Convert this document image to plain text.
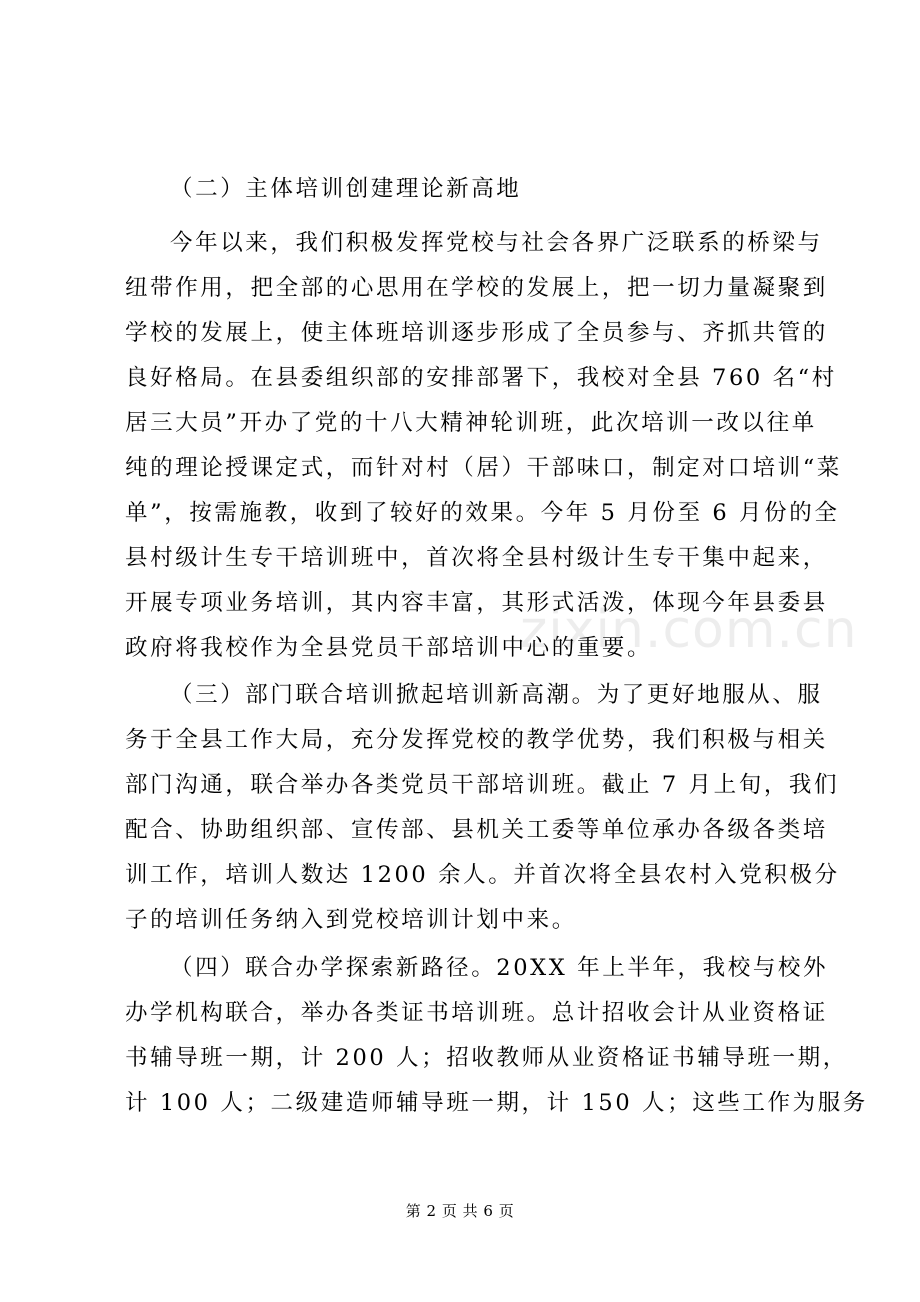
（二）主体培训创建理论新高地
今年以来，我们积极发挥党校与社会各界广泛联系的桥梁与
纽带作用，把全部的心思用在学校的发展上，把一切力量凝聚到
学校的发展上，使主体班培训逐步形成了全员参与、齐抓共管的
良好格局。在县委组织部的安排部署下，我校对全县 760 名“村
居三大员”开办了党的十八大精神轮训班，此次培训一改以往单
纯的理论授课定式，而针对村（居）干部味口，制定对口培训“菜
单”，按需施教，收到了较好的效果。今年 5 月份至 6 月份的全
县村级计生专干培训班中，首次将全县村级计生专干集中起来，
开展专项业务培训，其内容丰富，其形式活泼，体现今年县委县
政府将我校作为全县党员干部培训中心的重要。
（三）部门联合培训掀起培训新高潮。为了更好地服从、服
务于全县工作大局，充分发挥党校的教学优势，我们积极与相关
部门沟通，联合举办各类党员干部培训班。截止 7 月上旬，我们
配合、协助组织部、宣传部、县机关工委等单位承办各级各类培
训工作，培训人数达 1200 余人。并首次将全县农村入党积极分
子的培训任务纳入到党校培训计划中来。
（四）联合办学探索新路径。20XX 年上半年，我校与校外
办学机构联合，举办各类证书培训班。总计招收会计从业资格证
书辅导班一期，计 200 人；招收教师从业资格证书辅导班一期，
计 100 人；二级建造师辅导班一期，计 150 人；这些工作为服务
zixin.com.cn
第 2 页 共 6 页
